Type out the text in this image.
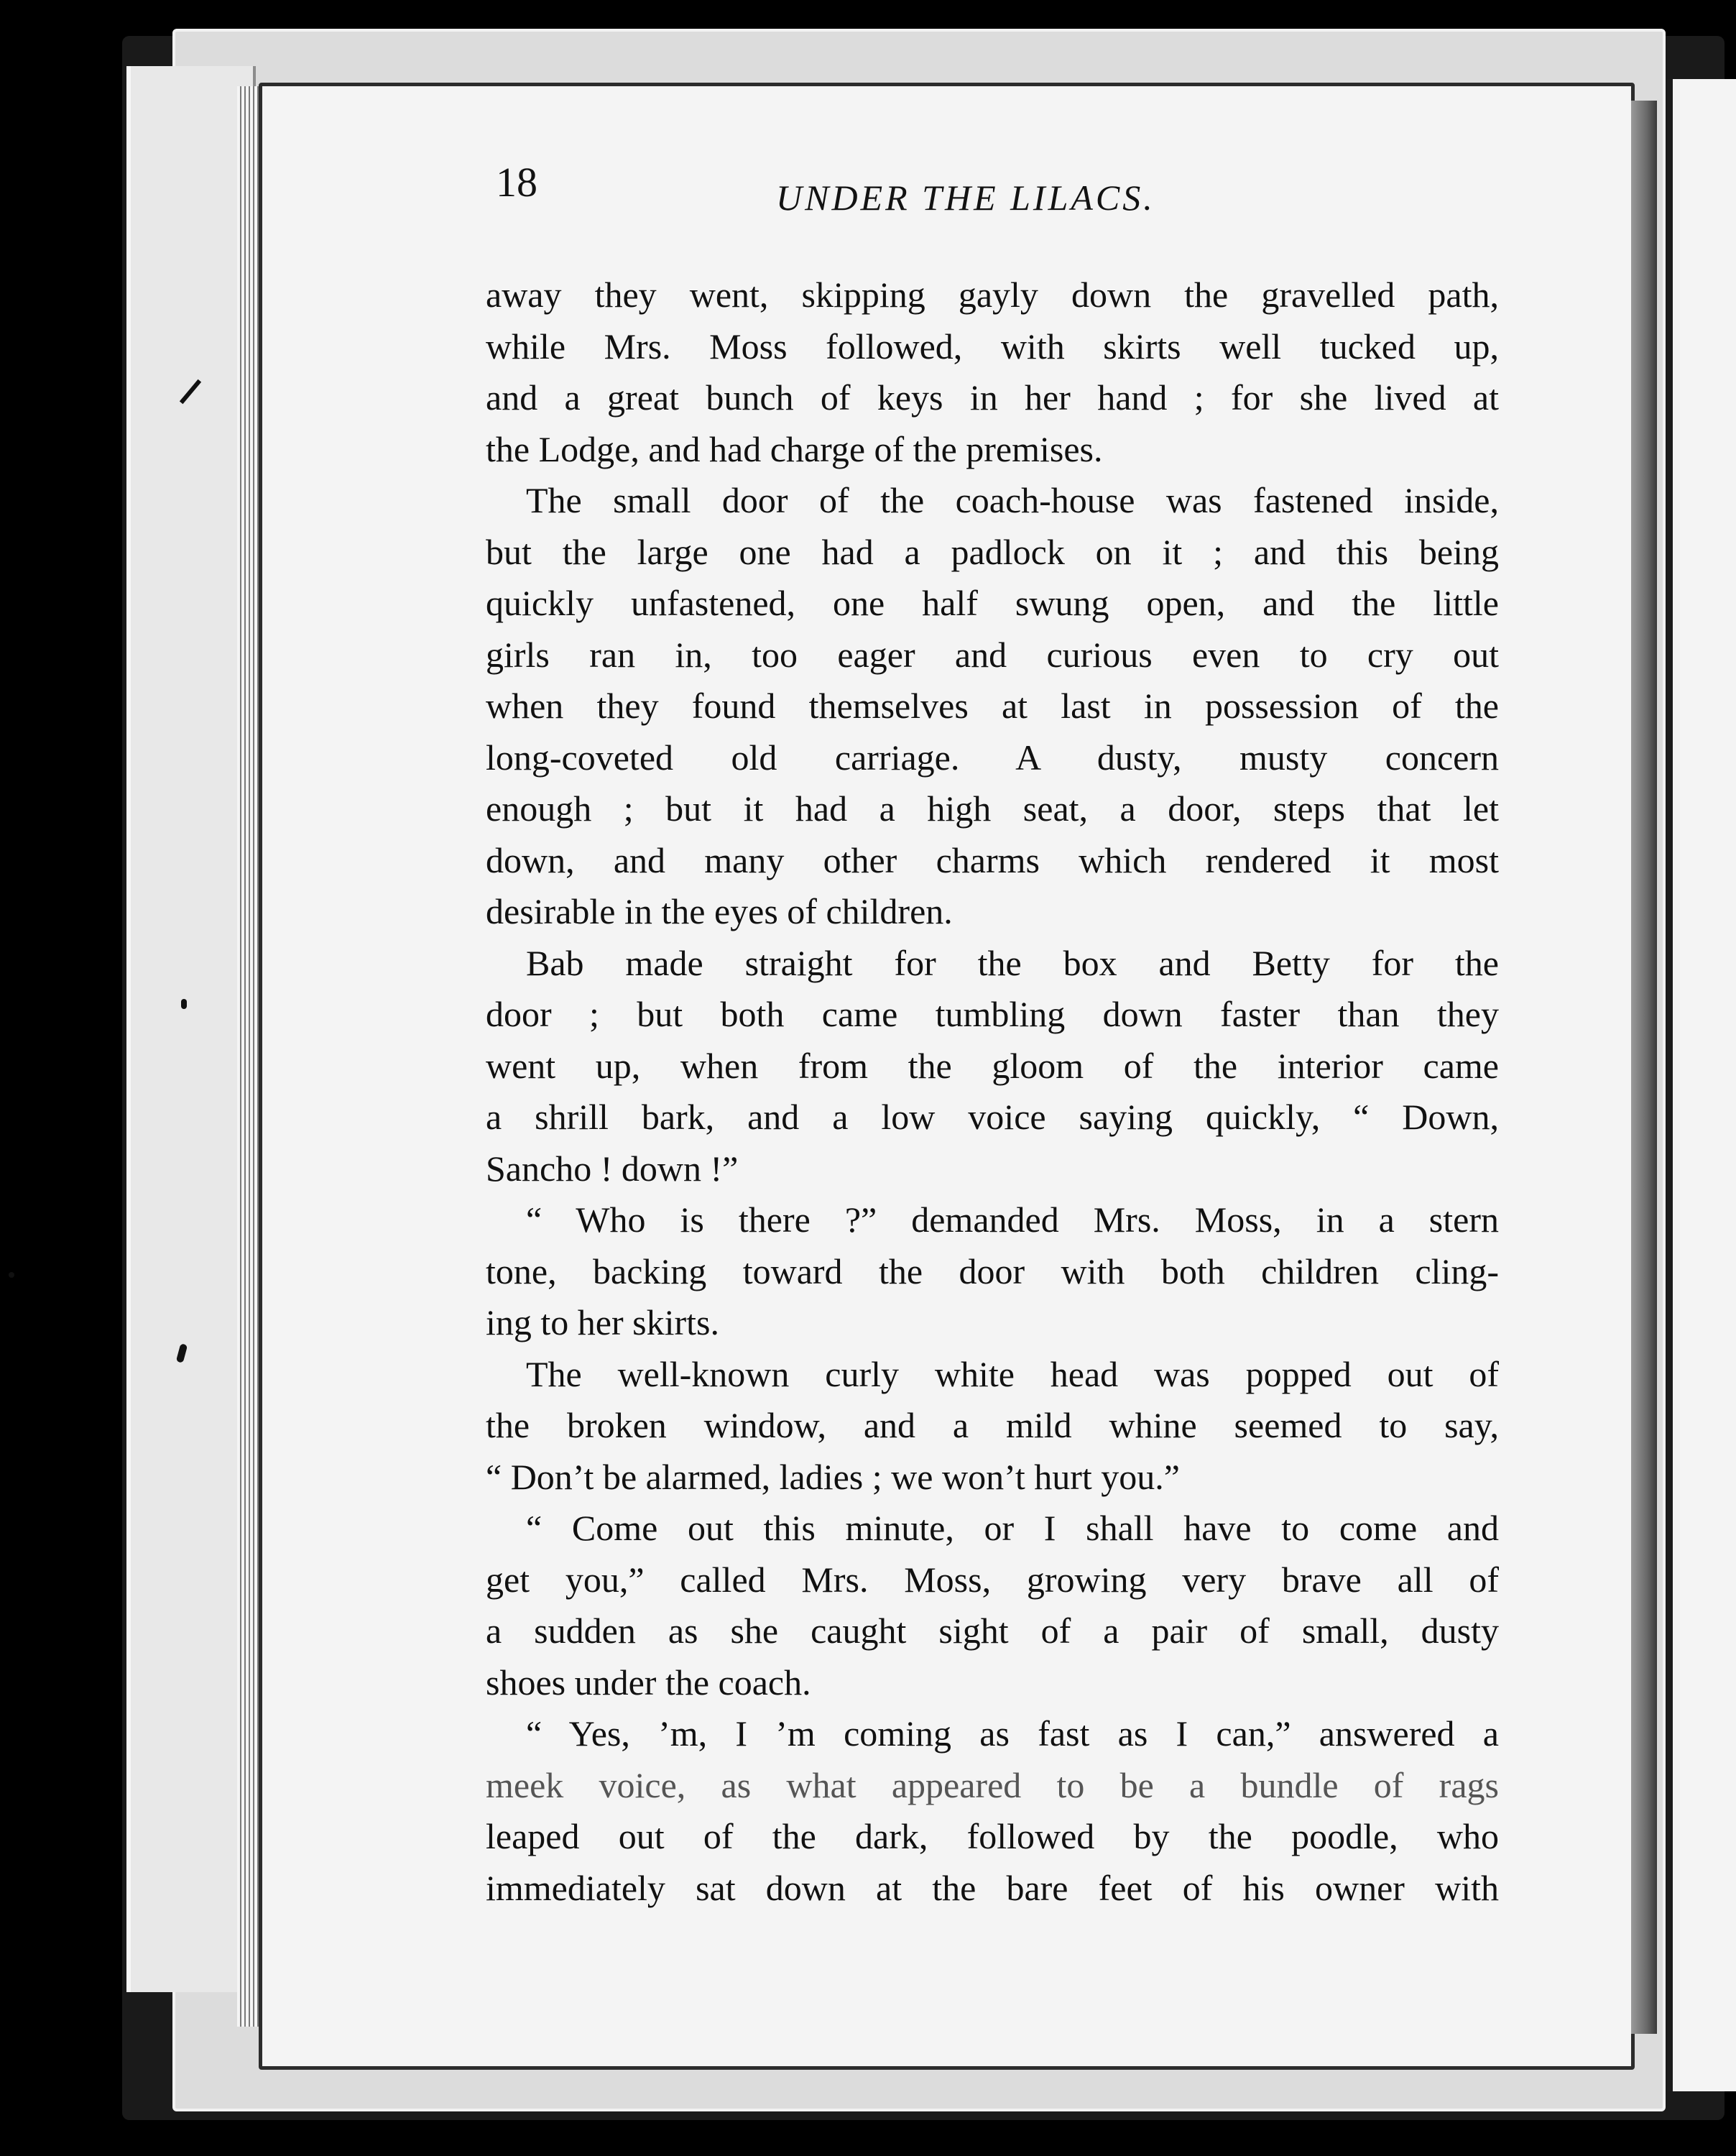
18	UNDER THE LILACS.
away they went, skipping gayly down the gravelled path,
while Mrs. Moss followed, with skirts well tucked up,
and a great bunch of keys in her hand ; for she lived at
the Lodge, and had charge of the premises.
The small door of the coach-house was fastened inside,
but the large one had a padlock on it ; and this being
quickly unfastened, one half swung open, and the little
girls ran in, too eager and curious even to cry out
when they found themselves at last in possession of the
long-coveted old carriage. A dusty, musty concern
enough ; but it had a high seat, a door, steps that let
down, and many other charms which rendered it most
desirable in the eyes of children.
Bab made straight for the box and Betty for the
door ; but both came tumbling down faster than they
went up, when from the gloom of the interior came
a shrill bark, and a low voice saying quickly, “ Down,
Sancho ! down !”
“ Who is there ?” demanded Mrs. Moss, in a stern
tone, backing toward the door with both children cling-
ing to her skirts.
The well-known curly white head was popped out of
the broken window, and a mild whine seemed to say,
“ Don’t be alarmed, ladies ; we won’t hurt you.”
“ Come out this minute, or I shall have to come and
get you,” called Mrs. Moss, growing very brave all of
a sudden as she caught sight of a pair of small, dusty
shoes under the coach.
“ Yes, ’m, I ’m coming as fast as I can,” answered a
meek voice, as what appeared to be a bundle of rags
leaped out of the dark, followed by the poodle, who
immediately sat down at the bare feet of his owner with
